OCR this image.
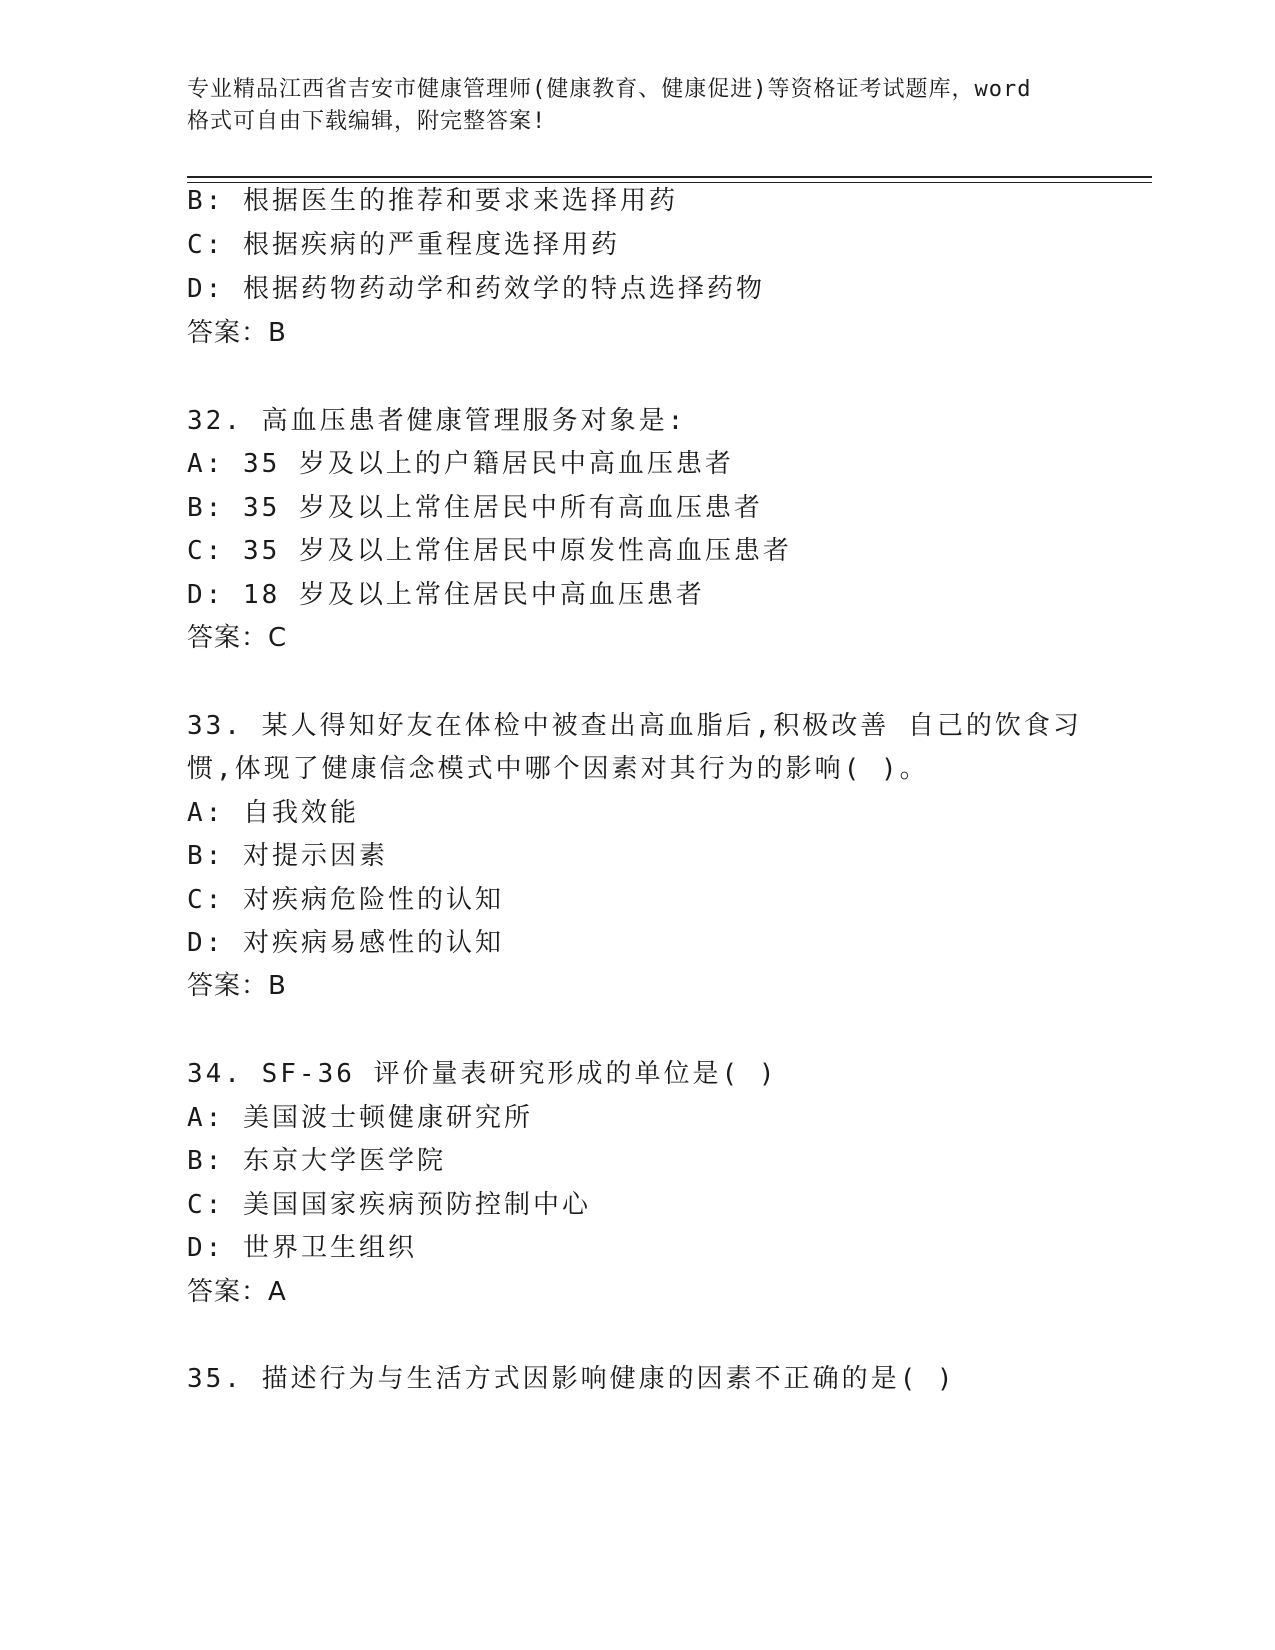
专业精品江西省吉安市健康管理师(健康教育、健康促进)等资格证考试题库，word
格式可自由下载编辑，附完整答案!
B: 根据医生的推荐和要求来选择用药
C: 根据疾病的严重程度选择用药
D: 根据药物药动学和药效学的特点选择药物
答案：B
32. 高血压患者健康管理服务对象是:
A: 35 岁及以上的户籍居民中高血压患者
B: 35 岁及以上常住居民中所有高血压患者
C: 35 岁及以上常住居民中原发性高血压患者
D: 18 岁及以上常住居民中高血压患者
答案：C
33. 某人得知好友在体检中被查出高血脂后,积极改善 自己的饮食习
惯,体现了健康信念模式中哪个因素对其行为的影响( )。
A: 自我效能
B: 对提示因素
C: 对疾病危险性的认知
D: 对疾病易感性的认知
答案：B
34. SF-36 评价量表研究形成的单位是( )
A: 美国波士顿健康研究所
B: 东京大学医学院
C: 美国国家疾病预防控制中心
D: 世界卫生组织
答案：A
35. 描述行为与生活方式因影响健康的因素不正确的是( )
